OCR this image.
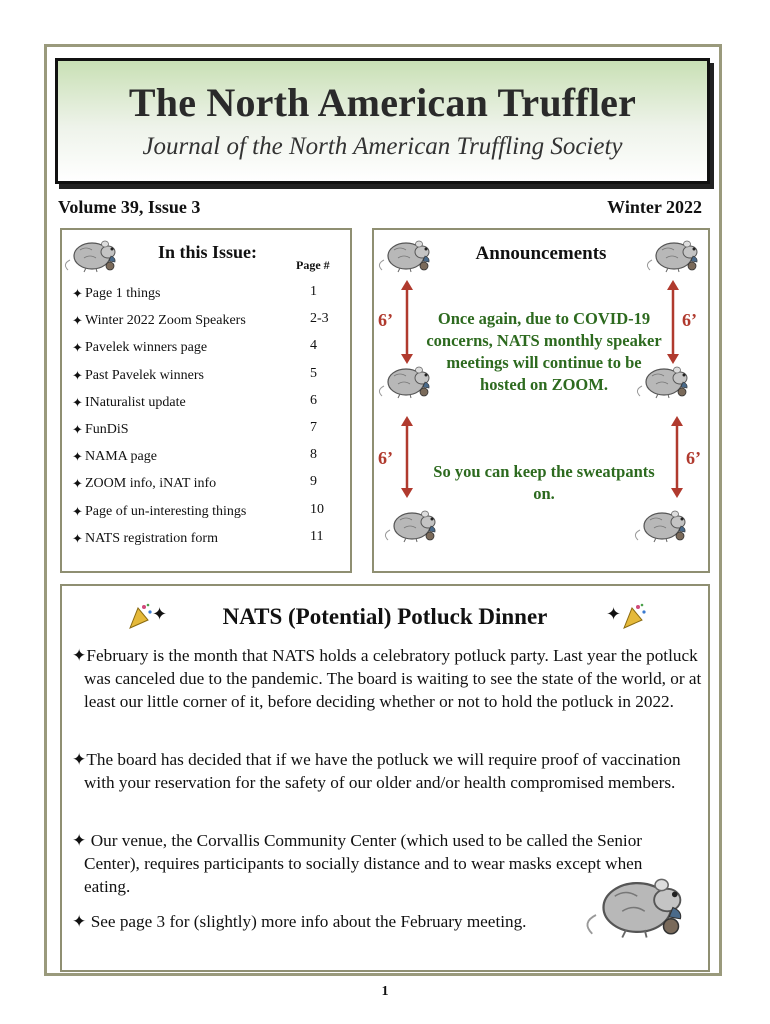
The North American Truffler
Journal of the North American Truffling Society
Volume 39, Issue 3	Winter 2022
In this Issue:
Page #
✦ Page 1 things	1
✦ Winter 2022 Zoom Speakers	2-3
✦ Pavelek winners page	4
✦ Past Pavelek winners	5
✦ INaturalist update	6
✦ FunDiS	7
✦ NAMA page	8
✦ ZOOM info, iNAT info	9
✦ Page of un-interesting things	10
✦ NATS registration form	11
Announcements
6’	6’
6’	6’
Once again, due to COVID-19 concerns, NATS monthly speaker meetings will continue to be hosted on ZOOM.
So you can keep the sweatpants on.
✦	NATS (Potential) Potluck Dinner	✦
✦February is the month that NATS holds a celebratory potluck party. Last year the potluck was canceled due to the pandemic. The board is waiting to see the state of the world, or at least our little corner of it, before deciding whether or not to hold the potluck in 2022.
✦The board has decided that if we have the potluck we will require proof of vaccination with your reservation for the safety of our older and/or health compromised members.
✦ Our venue, the Corvallis Community Center (which used to be called the Senior Center), requires participants to socially distance and to wear masks except when eating.
✦ See page 3 for (slightly) more info about the February meeting.
1
